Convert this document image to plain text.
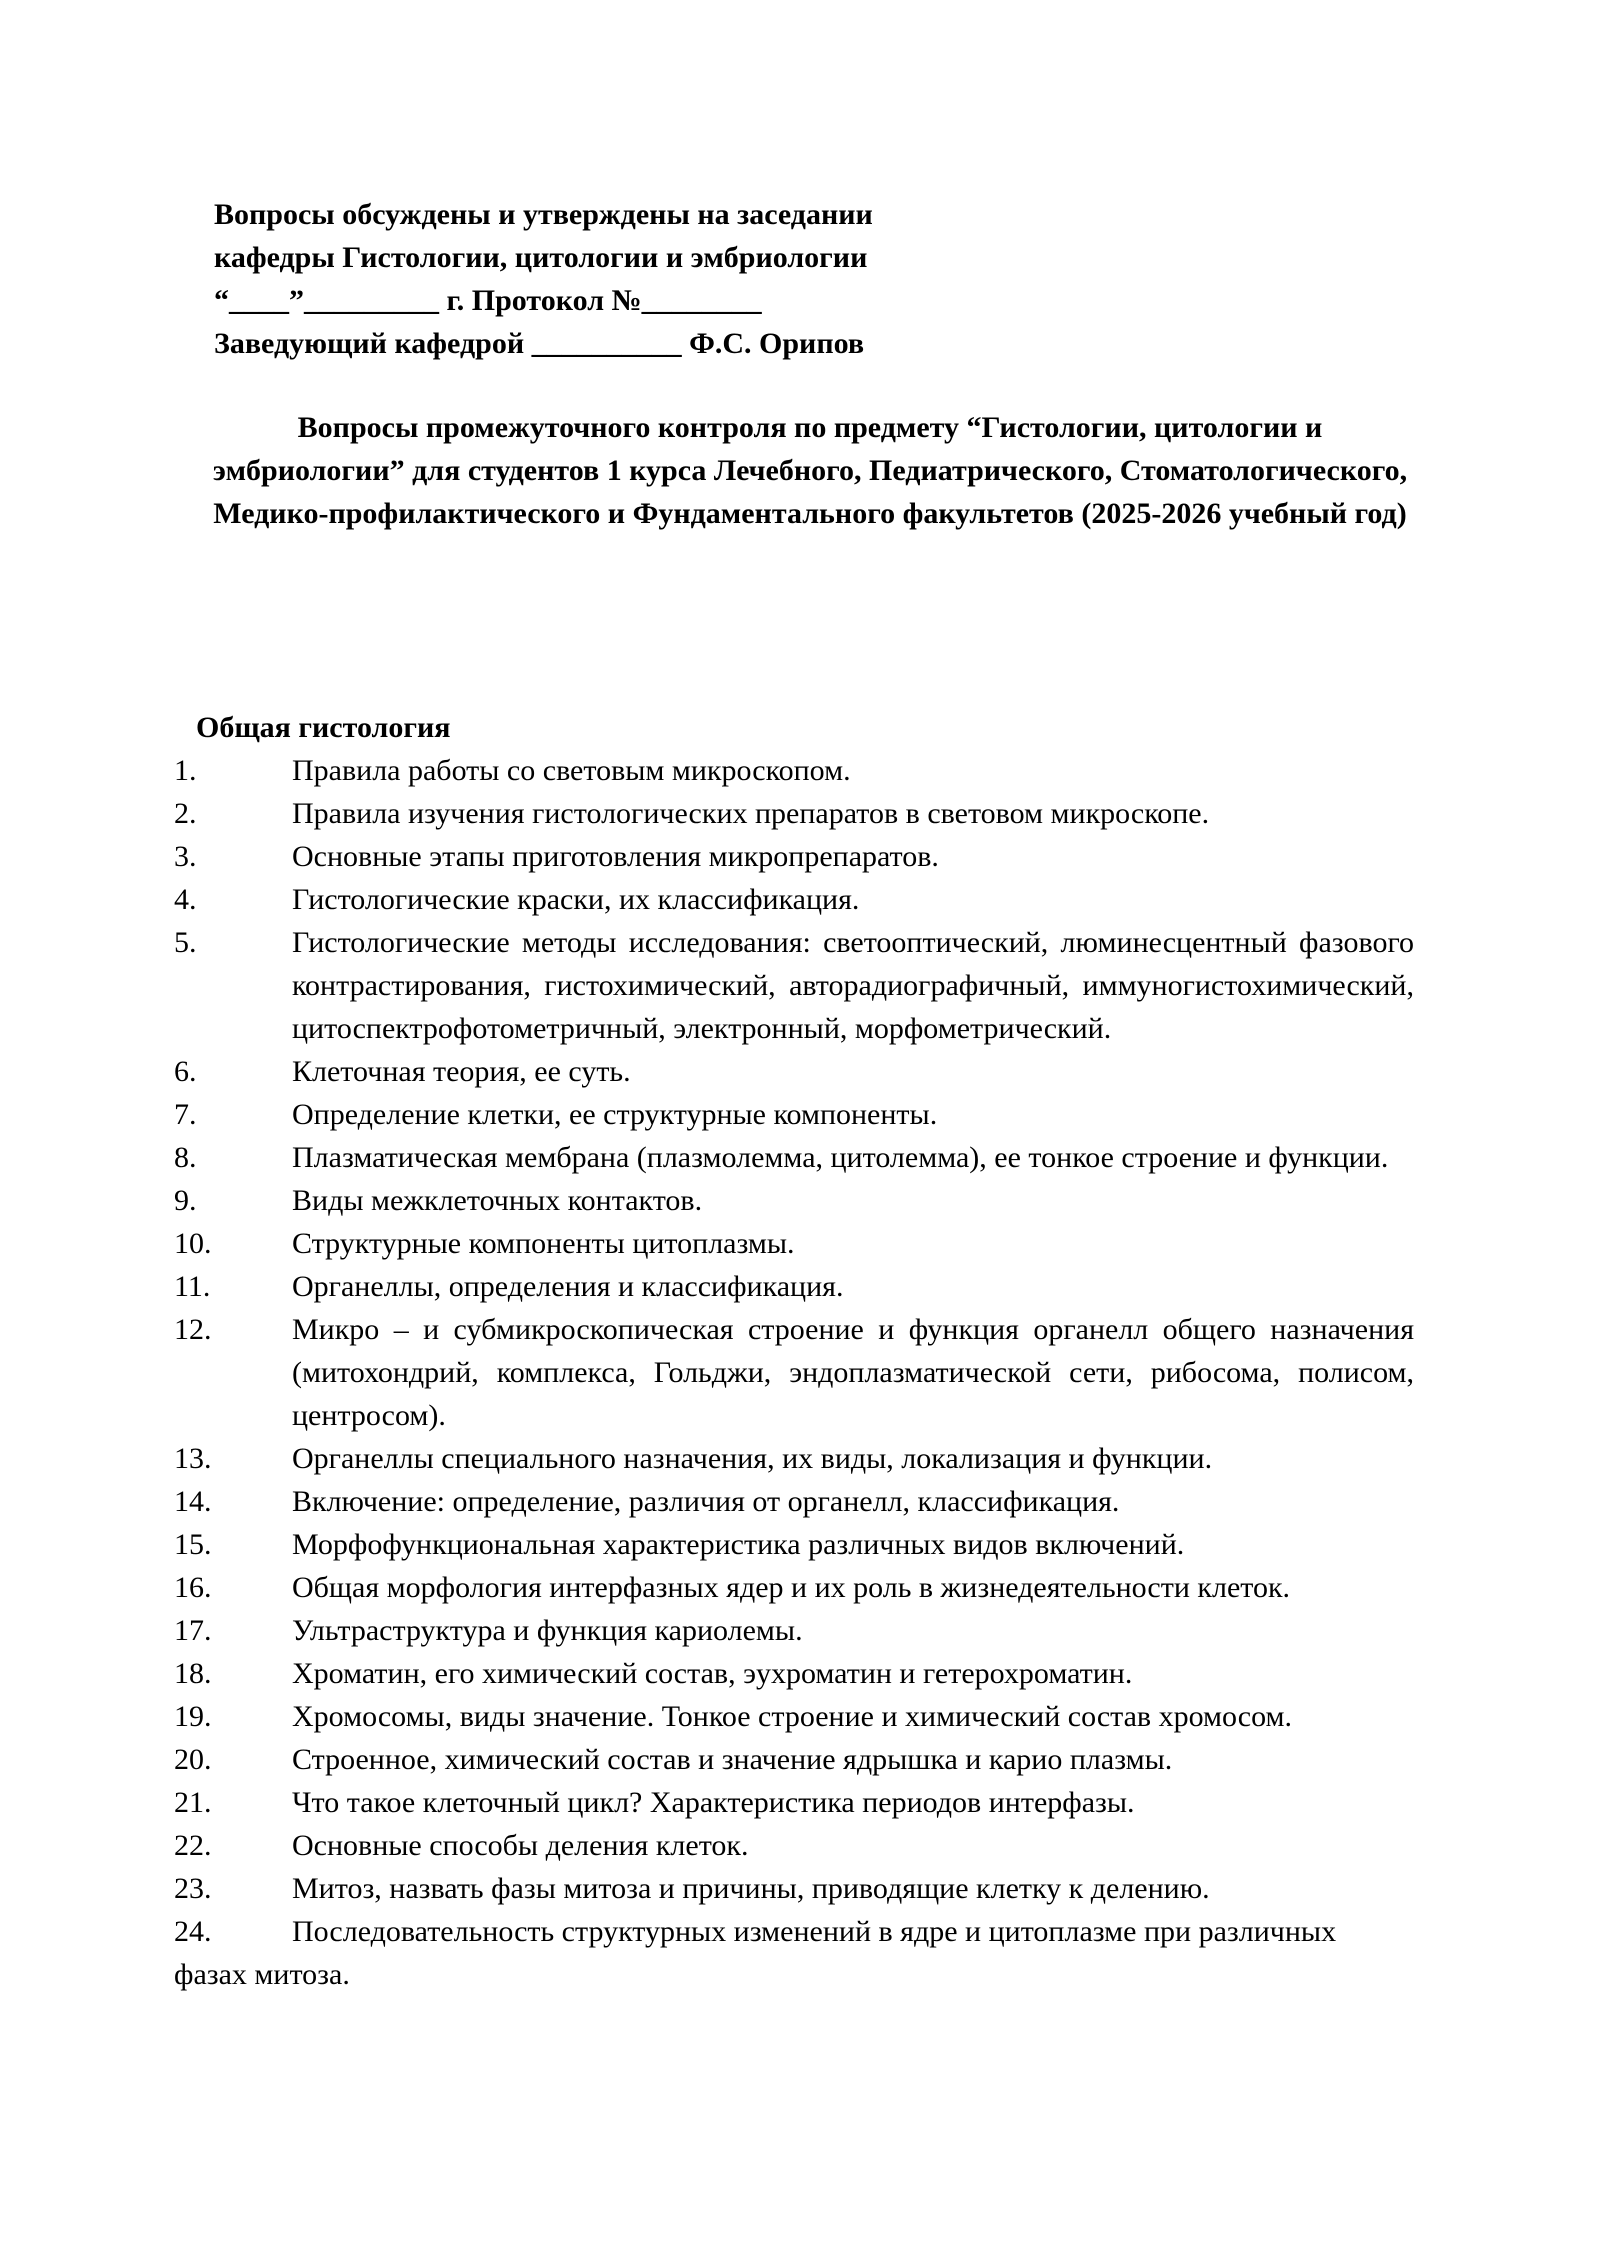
Вопросы обсуждены и утверждены на заседании
кафедры Гистологии, цитологии и эмбриологии
“____”_________ г. Протокол №________
Заведующий кафедрой __________ Ф.С. Орипов
Вопросы промежуточного контроля по предмету “Гистологии, цитологии и эмбриологии” для студентов 1 курса Лечебного, Педиатрического, Стоматологического, Медико-профилактического и Фундаментального факультетов (2025-2026 учебный год)
Общая гистология
1.	Правила работы со световым микроскопом.
2.	Правила изучения гистологических препаратов в световом микроскопе.
3.	Основные этапы приготовления микропрепаратов.
4.	Гистологические краски, их классификация.
5.	Гистологические методы исследования: светооптический, люминесцентный фазового контрастирования, гистохимический, авторадиографичный, иммуногистохимический, цитоспектрофотометричный, электронный, морфометрический.
6.	Клеточная теория, ее суть.
7.	Определение клетки, ее структурные компоненты.
8.	Плазматическая мембрана (плазмолемма, цитолемма), ее тонкое строение и функции.
9.	Виды межклеточных контактов.
10.	Структурные компоненты цитоплазмы.
11.	Органеллы, определения и классификация.
12.	Микро – и субмикроскопическая строение и функция органелл общего назначения (митохондрий, комплекса, Гольджи, эндоплазматической сети, рибосома, полисом, центросом).
13.	Органеллы специального назначения, их виды, локализация и функции.
14.	Включение: определение, различия от органелл, классификация.
15.	Морфофункциональная характеристика различных видов включений.
16.	Общая морфология интерфазных ядер и их роль в жизнедеятельности клеток.
17.	Ультраструктура и функция кариолемы.
18.	Хроматин, его химический состав, эухроматин и гетерохроматин.
19.	Хромосомы, виды значение. Тонкое строение и химический состав хромосом.
20.	Строенное, химический состав и значение ядрышка и карио плазмы.
21.	Что такое клеточный цикл? Характеристика периодов интерфазы.
22.	Основные способы деления клеток.
23.	Митоз, назвать фазы митоза и причины, приводящие клетку к делению.
24.	Последовательность структурных изменений в ядре и цитоплазме при различных фазах митоза.
